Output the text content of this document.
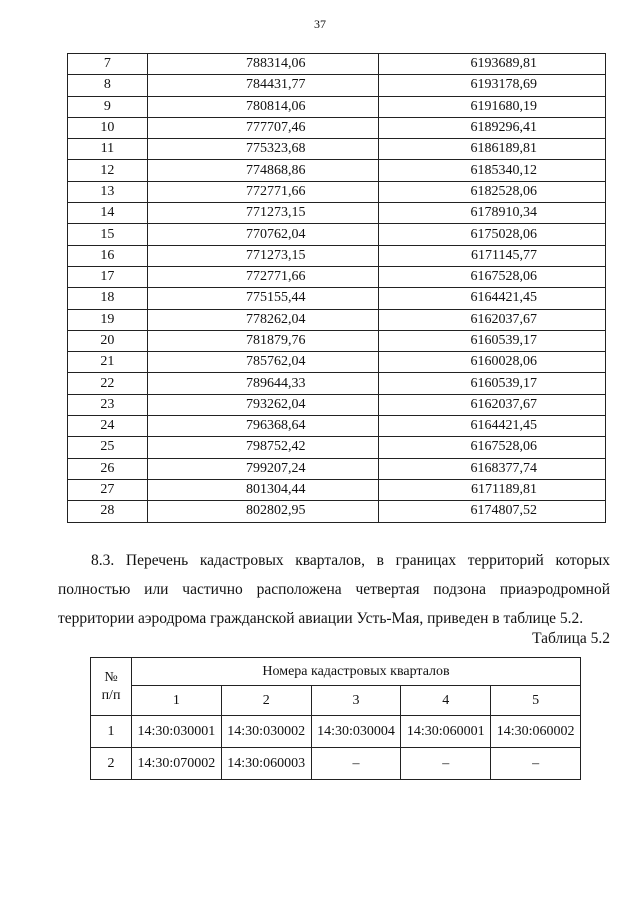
37
7	788314,06	6193689,81
8	784431,77	6193178,69
9	780814,06	6191680,19
10	777707,46	6189296,41
11	775323,68	6186189,81
12	774868,86	6185340,12
13	772771,66	6182528,06
14	771273,15	6178910,34
15	770762,04	6175028,06
16	771273,15	6171145,77
17	772771,66	6167528,06
18	775155,44	6164421,45
19	778262,04	6162037,67
20	781879,76	6160539,17
21	785762,04	6160028,06
22	789644,33	6160539,17
23	793262,04	6162037,67
24	796368,64	6164421,45
25	798752,42	6167528,06
26	799207,24	6168377,74
27	801304,44	6171189,81
28	802802,95	6174807,52
8.3. Перечень кадастровых кварталов, в границах территорий которых
полностью или частично расположена четвертая подзона приаэродромной
территории аэродрома гражданской авиации Усть-Мая, приведен в таблице 5.2.
Таблица 5.2
№
п/п	Номера кадастровых кварталов				
	1	2	3	4	5
1	14:30:030001	14:30:030002	14:30:030004	14:30:060001	14:30:060002
2	14:30:070002	14:30:060003	–	–	–
